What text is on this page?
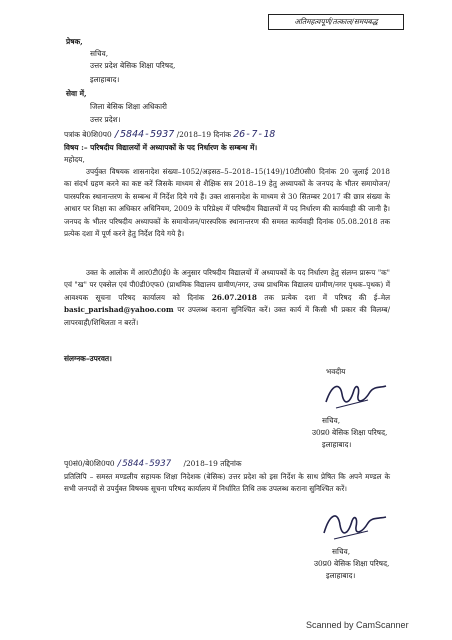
अतिमहत्वपूर्ण/तत्काल/समयबद्ध
प्रेषक,
सचिव,
उत्तर प्रदेश बेसिक शिक्षा परिषद,
इलाहाबाद।
सेवा में,
जिला बेसिक शिक्षा अधिकारी
उत्तर प्रदेश।
पत्रांक बे0शि0प0 /5844-5937 /2018–19 दिनांक 26-7-18
विषय :– परिषदीय विद्यालयों में अध्यापकों के पद निर्धारण के सम्बन्ध में।
महोदय,
उपर्युक्त विषयक शासनादेश संख्या–1052/अड़सठ–5–2018–15(149)/10टी0सी0 दिनांक 20 जुलाई 2018 का संदर्भ ग्रहण करने का कष्ट करें जिसके माध्यम से शैक्षिक सत्र 2018–19 हेतु अध्यापकों के जनपद के भीतर समायोजन/पारस्परिक स्थानान्तरण के सम्बन्ध में निर्देश दिये गये हैं। उक्त शासनादेश के माध्यम से 30 सितम्बर 2017 की छात्र संख्या के आधार पर शिक्षा का अधिकार अधिनियम, 2009 के परिप्रेक्ष्य में परिषदीय विद्यालयों में पद निर्धारण की कार्यवाही की जानी है। जनपद के भीतर परिषदीय अध्यापकों के समायोजन/पारस्परिक स्थानान्तरण की समस्त कार्यवाही दिनांक 05.08.2018 तक प्रत्येक दशा में पूर्ण करने हेतु निर्देश दिये गये है।
उक्त के आलोक में आर0टी0ई0 के अनुसार परिषदीय विद्यालयों में अध्यापकों के पद निर्धारण हेतु संलग्न प्रारूप "क" एवं "ख" पर एक्सेल एवं पी0डी0एफ0 (प्राथमिक विद्यालय ग्रामीण/नगर, उच्च प्राथमिक विद्यालय ग्रामीण/नगर पृथक–पृथक) में आवश्यक सूचना परिषद कार्यालय को दिनांक 26.07.2018 तक प्रत्येक दशा में परिषद की ई–मेल basic_parishad@yahoo.com पर उपलब्ध कराना सुनिश्चित करें। उक्त कार्य में किसी भी प्रकार की विलम्ब/लापरवाही/शिथिलता न बरतें।
संलग्नक–उपरवत।
भवदीय
सचिव,
उ0प्र0 बेसिक शिक्षा परिषद,
इलाहाबाद।
पृ0सं0/बे0शि0प0 /5844-5937 /2018–19 तद्दिनांक
प्रतिलिपि – समस्त मण्डलीय सहायक शिक्षा निदेशक (बेसिक) उत्तर प्रदेश को इस निर्देश के साथ प्रेषित कि अपने मण्डल के सभी जनपदों से उपर्युक्त विषयक सूचना परिषद कार्यालय में निर्धारित तिथि तक उपलब्ध कराना सुनिश्चित करें।
सचिव,
उ0प्र0 बेसिक शिक्षा परिषद,
इलाहाबाद।
Scanned by CamScanner
